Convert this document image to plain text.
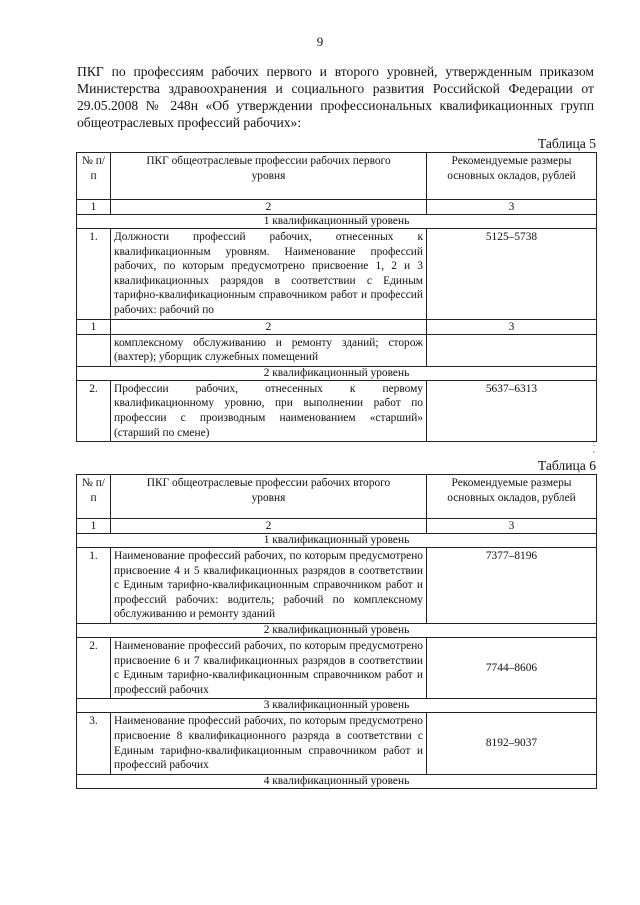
9
ПКГ по профессиям рабочих первого и второго уровней, утвержденным приказом Министерства здравоохранения и социального развития Российской Федерации от 29.05.2008 № 248н «Об утверждении профессиональных квалификационных групп общеотраслевых профессий рабочих»:
Таблица 5
№ п/п	ПКГ общеотраслевые профессии рабочих первого уровня	Рекомендуемые размеры основных окладов, рублей
1	2	3
1 квалификационный уровень		
1.	Должности профессий рабочих, отнесенных к квалификационным уровням. Наименование профессий рабочих, по которым предусмотрено присвоение 1, 2 и 3 квалификационных разрядов в соответствии с Единым тарифно-квалификационным справочником работ и профессий рабочих: рабочий по	5125–5738
1	2	3
	комплексному обслуживанию и ремонту зданий; сторож (вахтер); уборщик служебных помещений	
2 квалификационный уровень		
2.	Профессии рабочих, отнесенных к первому квалификационному уровню, при выполнении работ по профессии с производным наименованием «старший» (старший по смене)	5637–6313
:
,
Таблица 6
№ п/п	ПКГ общеотраслевые профессии рабочих второго уровня	Рекомендуемые размеры основных окладов, рублей
1	2	3
1 квалификационный уровень		
1.	Наименование профессий рабочих, по которым предусмотрено присвоение 4 и 5 квалификационных разрядов в соответствии с Единым тарифно-квалификационным справочником работ и профессий рабочих: водитель; рабочий по комплексному обслуживанию и ремонту зданий	7377–8196
2 квалификационный уровень		
2.	Наименование профессий рабочих, по которым предусмотрено присвоение 6 и 7 квалификационных разрядов в соответствии с Единым тарифно-квалификационным справочником работ и профессий рабочих	7744–8606
3 квалификационный уровень		
3.	Наименование профессий рабочих, по которым предусмотрено присвоение 8 квалификационного разряда в соответствии с Единым тарифно-квалификационным справочником работ и профессий рабочих	8192–9037
4 квалификационный уровень		
